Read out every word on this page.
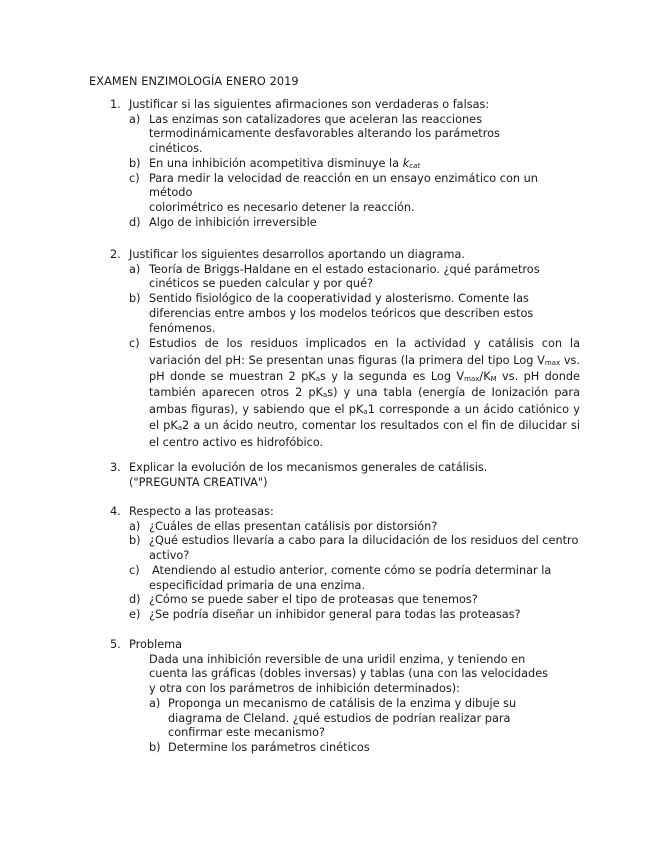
EXAMEN ENZIMOLOGÍA ENERO 2019
1. Justificar si las siguientes afirmaciones son verdaderas o falsas:
a) Las enzimas son catalizadores que aceleran las reacciones termodinámicamente desfavorables alterando los parámetros cinéticos.
b) En una inhibición acompetitiva disminuye la $k_{cat}$
c) Para medir la velocidad de reacción en un ensayo enzimático con un método
colorimétrico es necesario detener la reacción.
d) Algo de inhibición irreversible
2. Justificar los siguientes desarrollos aportando un diagrama.
a) Teoría de Briggs-Haldane en el estado estacionario. ¿qué parámetros cinéticos se pueden calcular y por qué?
b) Sentido fisiológico de la cooperatividad y alosterismo. Comente las diferencias entre ambos y los modelos teóricos que describen estos fenómenos.
c) Estudios de los residuos implicados en la actividad y catálisis con la variación del pH: Se presentan unas figuras (la primera del tipo Log $V_{max}$ vs. pH donde se muestran 2 $pK_as$ y la segunda es Log $V_{max}/K_M$ vs. pH donde también aparecen otros 2 $pK_as$) y una tabla (energía de Ionización para ambas figuras), y sabiendo que el $pK_a1$ corresponde a un ácido catiónico y el $pK_a2$ a un ácido neutro, comentar los resultados con el fin de dilucidar si el centro activo es hidrofóbico.
3. Explicar la evolución de los mecanismos generales de catálisis.
("PREGUNTA CREATIVA")
4. Respecto a las proteasas:
a) ¿Cuáles de ellas presentan catálisis por distorsión?
b) ¿Qué estudios llevaría a cabo para la dilucidación de los residuos del centro activo?
c) Atendiendo al estudio anterior, comente cómo se podría determinar la especificidad primaria de una enzima.
d) ¿Cómo se puede saber el tipo de proteasas que tenemos?
e) ¿Se podría diseñar un inhibidor general para todas las proteasas?
5. Problema
Dada una inhibición reversible de una uridil enzima, y teniendo en cuenta las gráficas (dobles inversas) y tablas (una con las velocidades y otra con los parámetros de inhibición determinados):
a) Proponga un mecanismo de catálisis de la enzima y dibuje su diagrama de Cleland. ¿qué estudios de podrían realizar para confirmar este mecanismo?
b) Determine los parámetros cinéticos
